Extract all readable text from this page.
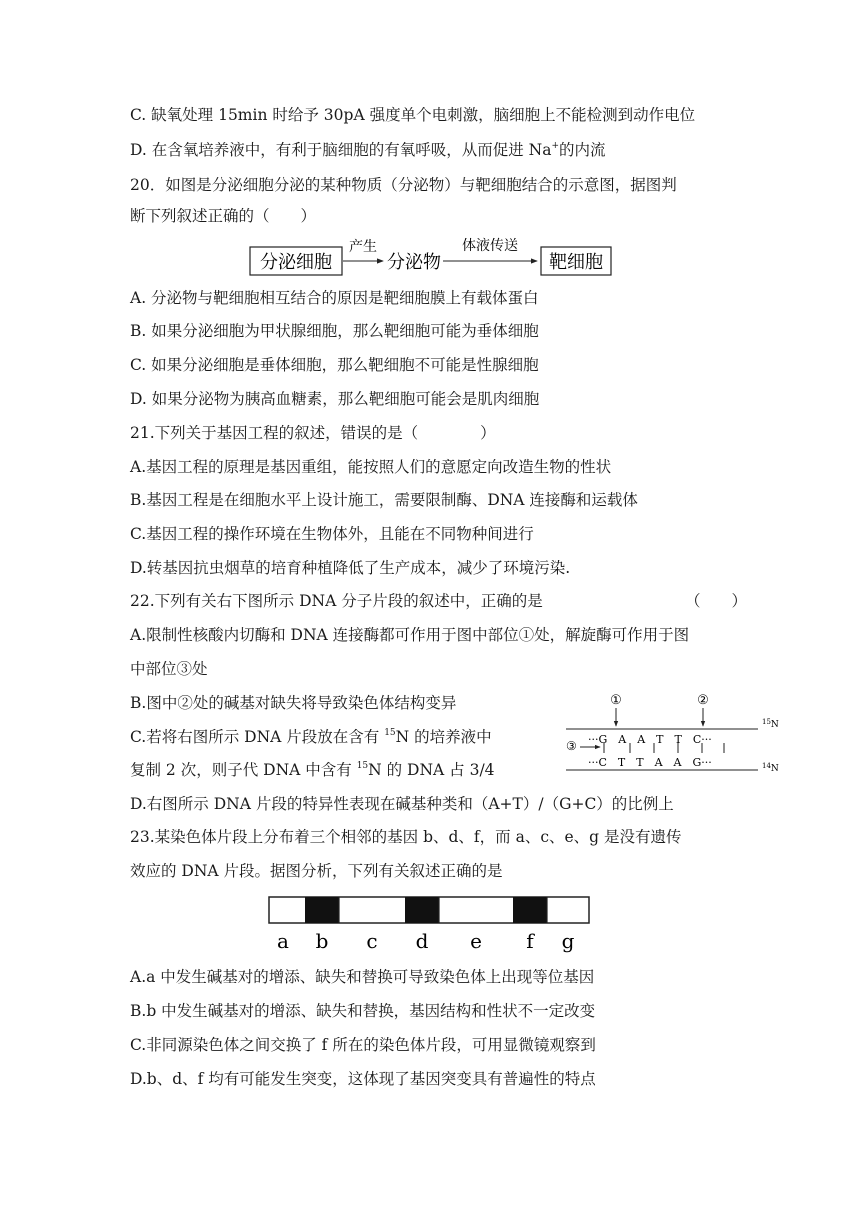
C. 缺氧处理 15min 时给予 30pA 强度单个电刺激，脑细胞上不能检测到动作电位
D. 在含氧培养液中，有利于脑细胞的有氧呼吸，从而促进 Na+的内流
20．如图是分泌细胞分泌的某种物质（分泌物）与靶细胞结合的示意图，据图判
断下列叙述正确的（　　）
分泌细胞
产生
分泌物
体液传送
靶细胞
A. 分泌物与靶细胞相互结合的原因是靶细胞膜上有载体蛋白
B. 如果分泌细胞为甲状腺细胞，那么靶细胞可能为垂体细胞
C. 如果分泌细胞是垂体细胞，那么靶细胞不可能是性腺细胞
D. 如果分泌物为胰高血糖素，那么靶细胞可能会是肌肉细胞
21.下列关于基因工程的叙述，错误的是（　　　　）
A.基因工程的原理是基因重组，能按照人们的意愿定向改造生物的性状
B.基因工程是在细胞水平上设计施工，需要限制酶、DNA 连接酶和运载体
C.基因工程的操作环境在生物体外，且能在不同物种间进行
D.转基因抗虫烟草的培育种植降低了生产成本，减少了环境污染.
22.下列有关右下图所示 DNA 分子片段的叙述中，正确的是	（　　）
A.限制性核酸内切酶和 DNA 连接酶都可作用于图中部位①处，解旋酶可作用于图
中部位③处
B.图中②处的碱基对缺失将导致染色体结构变异
C.若将右图所示 DNA 片段放在含有 $^{15}$N 的培养液中
复制 2 次，则子代 DNA 中含有 $^{15}$N 的 DNA 占 3/4
①	②
$^{15}$N
···G　A　A　T　T　C···
③
···C　T　T　A　A　G···	$^{14}$N
D.右图所示 DNA 片段的特异性表现在碱基种类和（A+T）/（G+C）的比例上
23.某染色体片段上分布着三个相邻的基因 b、d、f，而 a、c、e、g 是没有遗传
效应的 DNA 片段。据图分析，下列有关叙述正确的是
a b c d e f g
A.a 中发生碱基对的增添、缺失和替换可导致染色体上出现等位基因
B.b 中发生碱基对的增添、缺失和替换，基因结构和性状不一定改变
C.非同源染色体之间交换了 f 所在的染色体片段，可用显微镜观察到
D.b、d、f 均有可能发生突变，这体现了基因突变具有普遍性的特点
